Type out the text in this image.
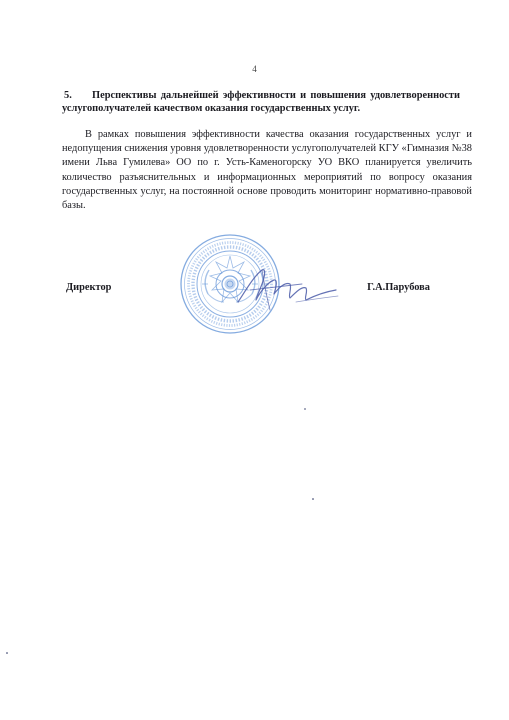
4

5. Перспективы дальнейшей эффективности и повышения удовлетворенности услугополучателей качеством оказания государственных услуг.

В рамках повышения эффективности качества оказания государственных услуг и недопущения снижения уровня удовлетворенности услугополучателей КГУ «Гимназия №38 имени Льва Гумилева» ОО по г. Усть-Каменогорску УО ВКО планируется увеличить количество разъяснительных и информационных мероприятий по вопросу оказания государственных услуг, на постоянной основе проводить мониторинг нормативно-правовой базы.

Директор	Г.А.Парубова
